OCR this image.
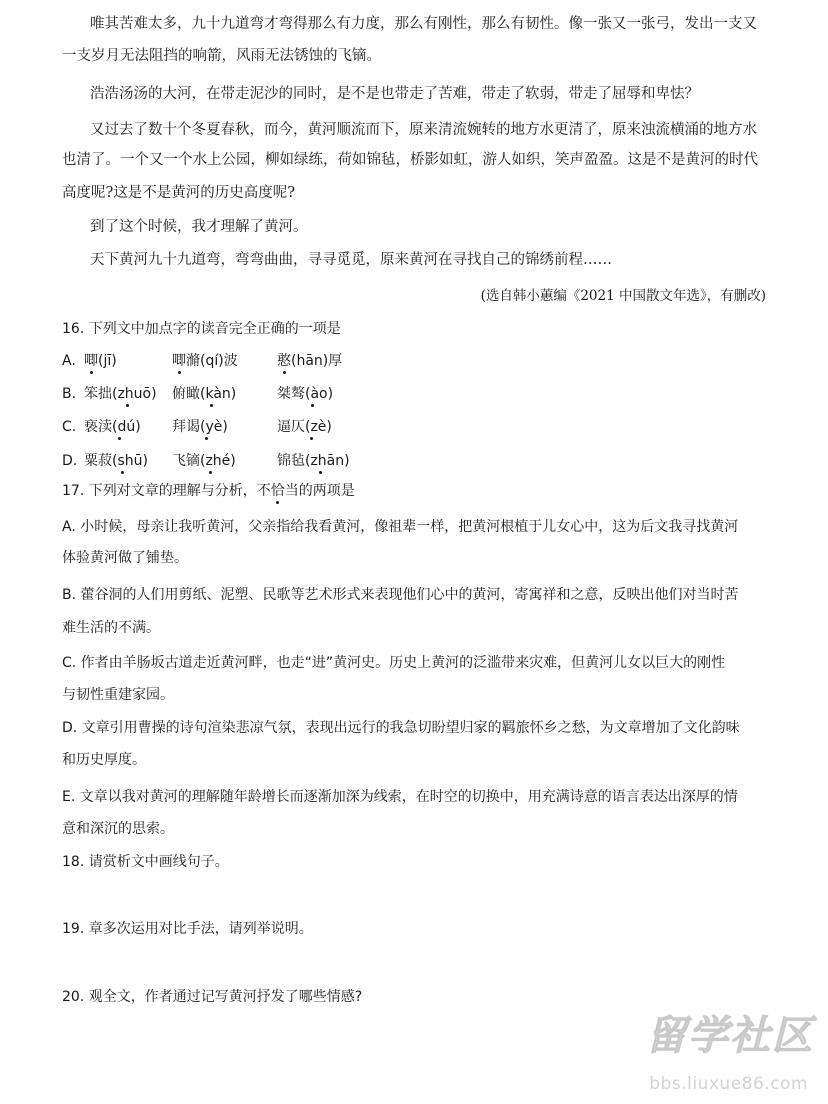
唯其苦难太多，九十九道弯才弯得那么有力度，那么有刚性，那么有韧性。像一张又一张弓，发出一支又
一支岁月无法阻挡的响箭，风雨无法锈蚀的飞镝。
浩浩汤汤的大河，在带走泥沙的同时，是不是也带走了苦难，带走了软弱，带走了屈辱和卑怯？
又过去了数十个冬夏春秋，而今，黄河顺流而下，原来清流婉转的地方水更清了，原来浊流横涌的地方水
也清了。一个又一个水上公园，柳如绿练，荷如锦毡，桥影如虹，游人如织，笑声盈盈。这是不是黄河的时代
高度呢?这是不是黄河的历史高度呢?
到了这个时候，我才理解了黄河。
天下黄河九十九道弯，弯弯曲曲，寻寻觅觅，原来黄河在寻找自己的锦绣前程……
(选自韩小蕙编《2021 中国散文年选》，有删改)
16. 下列文中加点字的读音完全正确的一项是
A. 唧(jī)	唧滫(qí)波	憨(hān)厚
B. 笨拙(zhuō) 俯瞰(kàn)	桀骜(ào)
C. 亵渎(dú) 拜谒(yè)	逼仄(zè)
D. 粟菽(shū) 飞镝(zhé)	锦毡(zhān)
17. 下列对文章的理解与分析，不恰当的两项是
A. 小时候，母亲让我听黄河，父亲指给我看黄河，像祖辈一样，把黄河根植于儿女心中，这为后文我寻找黄河
体验黄河做了铺垫。
B. 藿谷洞的人们用剪纸、泥塑、民歌等艺术形式来表现他们心中的黄河，寄寓祥和之意，反映出他们对当时苦
难生活的不满。
C. 作者由羊肠坂古道走近黄河畔，也走“进”黄河史。历史上黄河的泛滥带来灾难，但黄河儿女以巨大的刚性
与韧性重建家园。
D. 文章引用曹操的诗句渲染悲凉气氛，表现出远行的我急切盼望归家的羁旅怀乡之愁，为文章增加了文化韵味
和历史厚度。
E. 文章以我对黄河的理解随年龄增长而逐渐加深为线索，在时空的切换中，用充满诗意的语言表达出深厚的情
意和深沉的思索。
18. 请赏析文中画线句子。
19. 章多次运用对比手法，请列举说明。
20. 观全文，作者通过记写黄河抒发了哪些情感?
留学社区
bbs.liuxue86.com
